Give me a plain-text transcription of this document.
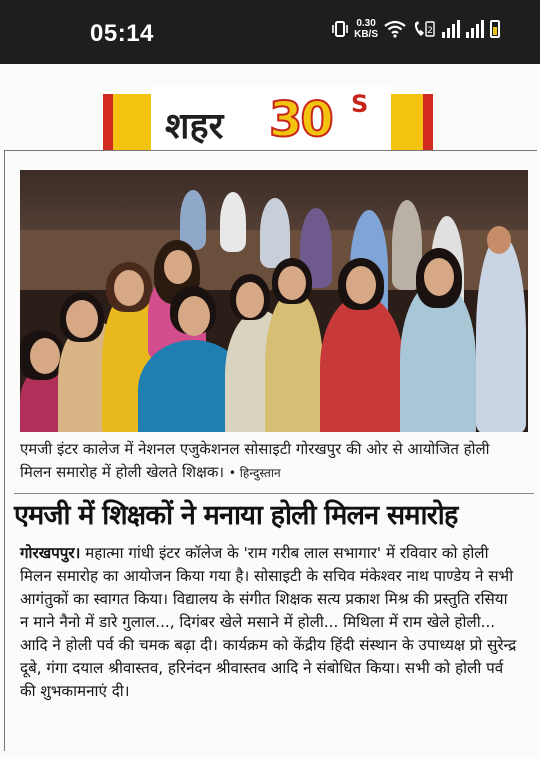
05:14	0.30
KB/S	2
शहर 30 S
एमजी इंटर कालेज में नेशनल एजुकेशनल सोसाइटी गोरखपुर की ओर से आयोजित होली मिलन समारोह में होली खेलते शिक्षक। • हिन्दुस्तान
एमजी में शिक्षकों ने मनाया होली मिलन समारोह
गोरखपपुर। महात्मा गांधी इंटर कॉलेज के 'राम गरीब लाल सभागार' में रविवार को होली मिलन समारोह का आयोजन किया गया है। सोसाइटी के सचिव मंकेश्वर नाथ पाण्डेय ने सभी आगंतुकों का स्वागत किया। विद्यालय के संगीत शिक्षक सत्य प्रकाश मिश्र की प्रस्तुति रसिया न माने नैनो में डारे गुलाल..., दिगंबर खेले मसाने में होली... मिथिला में राम खेले होली... आदि ने होली पर्व की चमक बढ़ा दी। कार्यक्रम को केंद्रीय हिंदी संस्थान के उपाध्यक्ष प्रो सुरेन्द्र दूबे, गंगा दयाल श्रीवास्तव, हरिनंदन श्रीवास्तव आदि ने संबोधित किया। सभी को होली पर्व की शुभकामनाएं दी।
